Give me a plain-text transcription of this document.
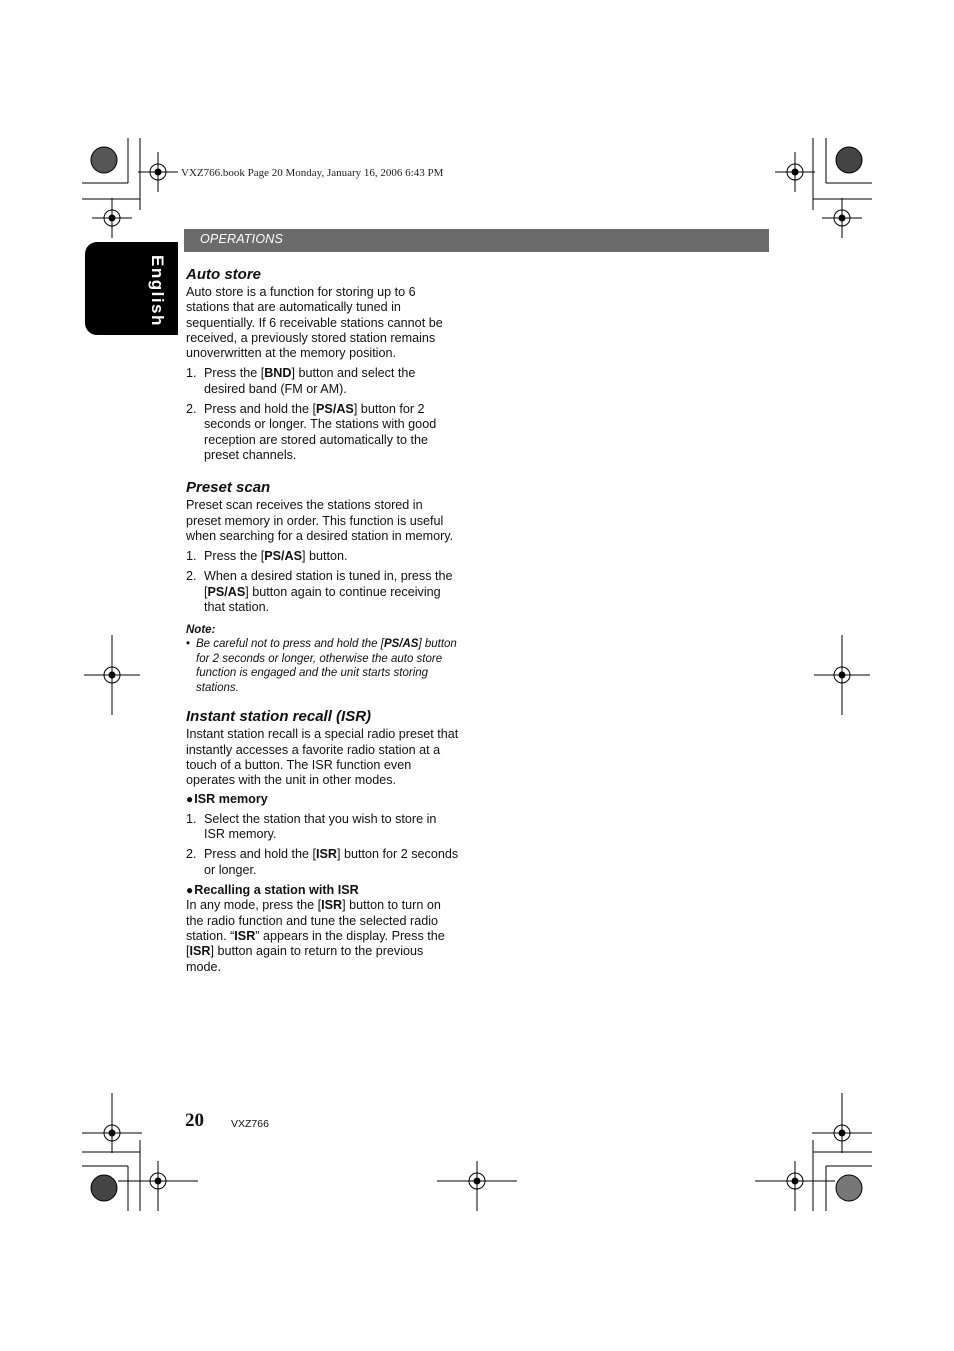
VXZ766.book Page 20 Monday, January 16, 2006 6:43 PM
OPERATIONS
English Auto store

Auto store is a function for storing up to 6 stations that are automatically tuned in sequentially. If 6 receivable stations cannot be received, a previously stored station remains unoverwritten at the memory position.

1. Press the [BND] button and select the desired band (FM or AM).
2. Press and hold the [PS/AS] button for 2 seconds or longer. The stations with good reception are stored automatically to the preset channels.
Preset scan

Preset scan receives the stations stored in preset memory in order. This function is useful when searching for a desired station in memory.

1. Press the [PS/AS] button.
2. When a desired station is tuned in, press the [PS/AS] button again to continue receiving that station.
Note:
• Be careful not to press and hold the [PS/AS] button for 2 seconds or longer, otherwise the auto store function is engaged and the unit starts storing stations.
Instant station recall (ISR)

Instant station recall is a special radio preset that instantly accesses a favorite radio station at a touch of a button. The ISR function even operates with the unit in other modes.

●ISR memory
1. Select the station that you wish to store in ISR memory.
2. Press and hold the [ISR] button for 2 seconds or longer.
●Recalling a station with ISR

In any mode, press the [ISR] button to turn on the radio function and tune the selected radio station. “ISR” appears in the display. Press the [ISR] button again to return to the previous mode.

20	VXZ766
